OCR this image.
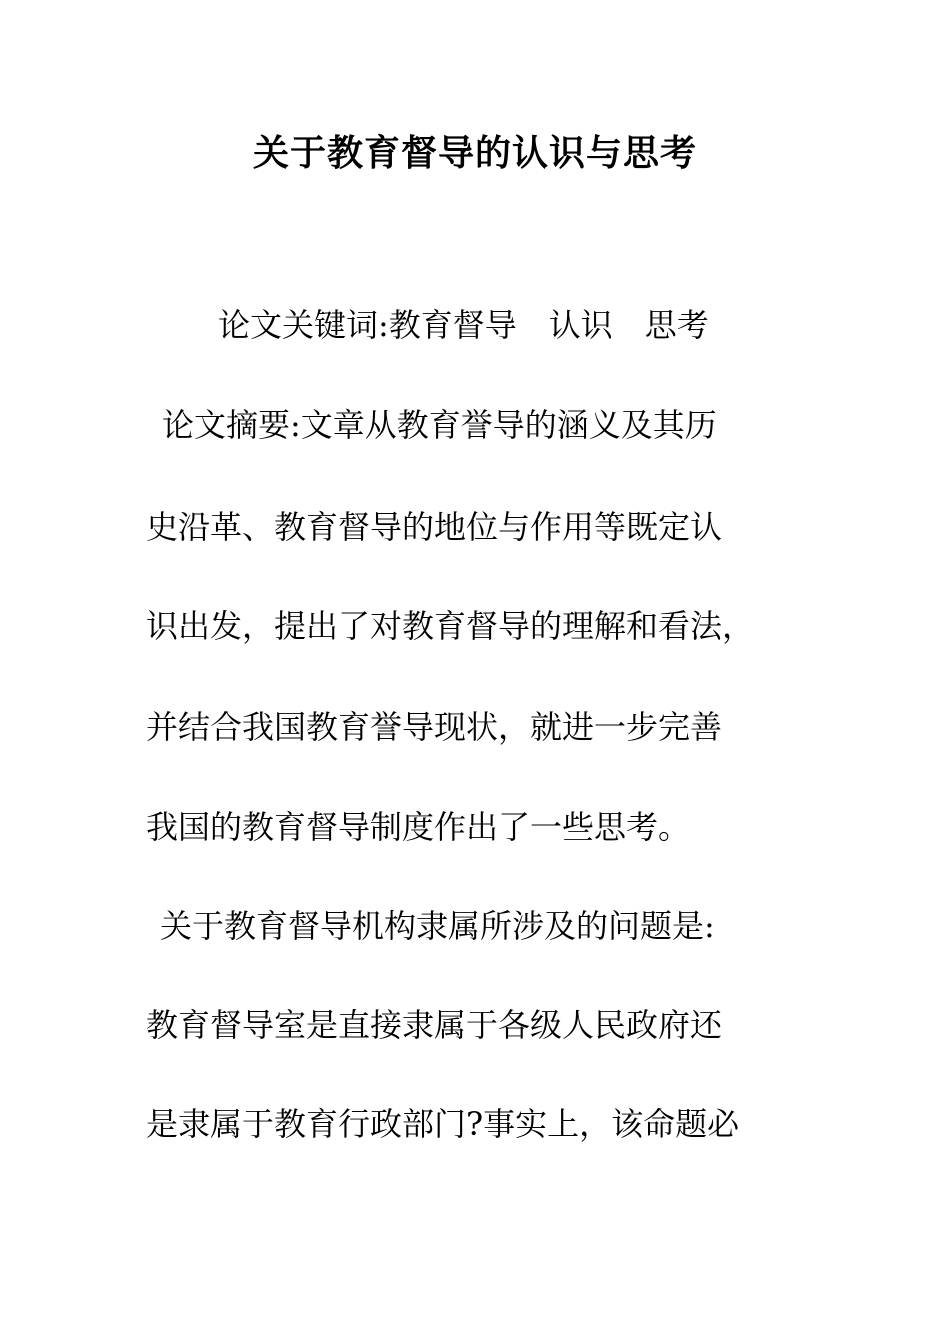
关于教育督导的认识与思考
论文关键词:教育督导　认识　思考
论文摘要:文章从教育誉导的涵义及其历
史沿革、教育督导的地位与作用等既定认
识出发，提出了对教育督导的理解和看法，
并结合我国教育誉导现状，就进一步完善
我国的教育督导制度作出了一些思考。
关于教育督导机构隶属所涉及的问题是:
教育督导室是直接隶属于各级人民政府还
是隶属于教育行政部门?事实上，该命题必
